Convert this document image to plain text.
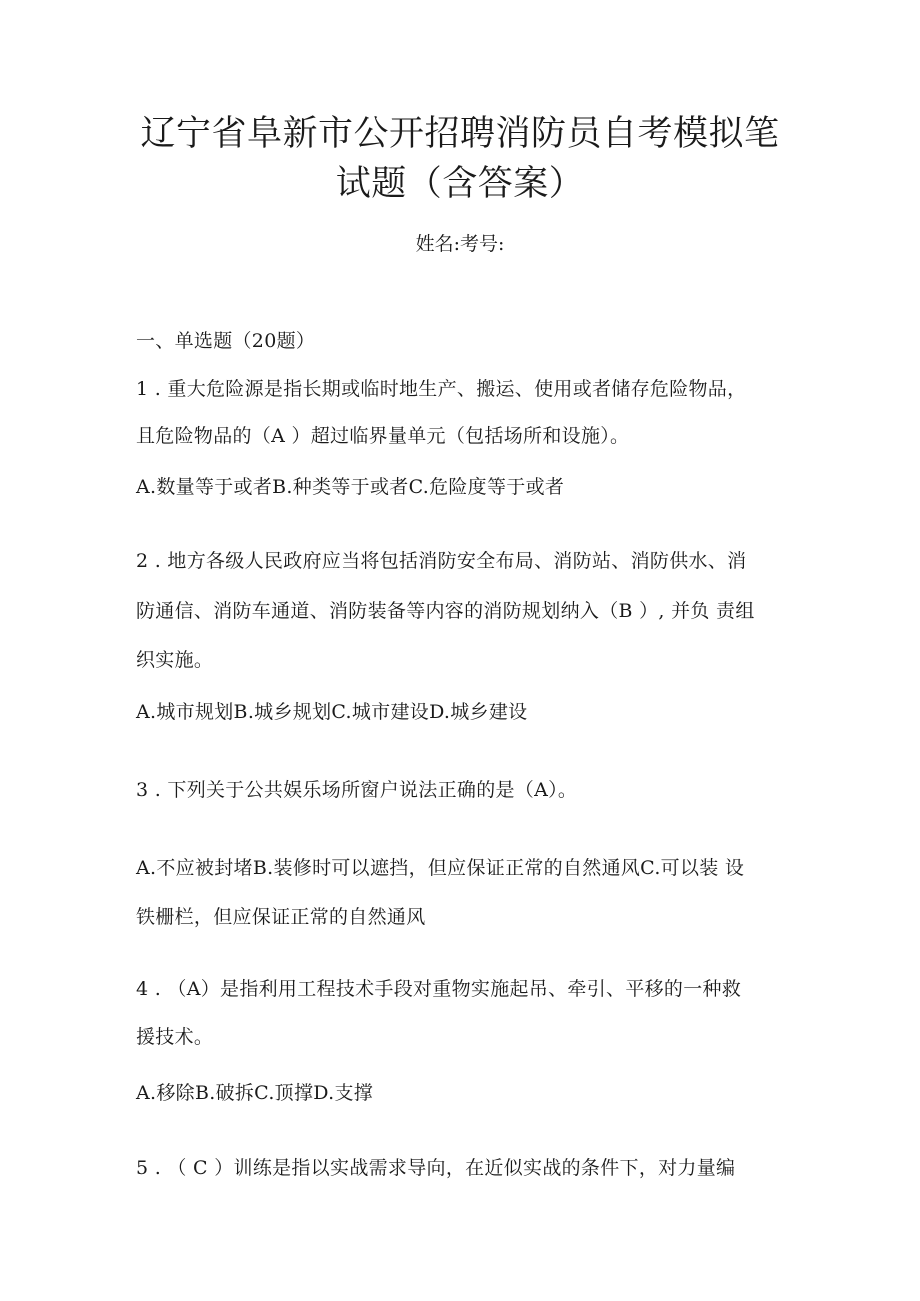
辽宁省阜新市公开招聘消防员自考模拟笔
试题（含答案）
姓名:考号:
一、单选题（20题）
1 . 重大危险源是指长期或临时地生产、搬运、使用或者储存危险物品，
且危险物品的（A ）超过临界量单元（包括场所和设施）。
A.数量等于或者B.种类等于或者C.危险度等于或者
2 . 地方各级人民政府应当将包括消防安全布局、消防站、消防供水、消
防通信、消防车通道、消防装备等内容的消防规划纳入（B ）, 并负 责组
织实施。
A.城市规划B.城乡规划C.城市建设D.城乡建设
3 . 下列关于公共娱乐场所窗户说法正确的是（A）。
A.不应被封堵B.装修时可以遮挡，但应保证正常的自然通风C.可以装 设
铁栅栏，但应保证正常的自然通风
4 . （A）是指利用工程技术手段对重物实施起吊、牵引、平移的一种救
援技术。
A.移除B.破拆C.顶撑D.支撑
5 . （ C ）训练是指以实战需求导向，在近似实战的条件下，对力量编
